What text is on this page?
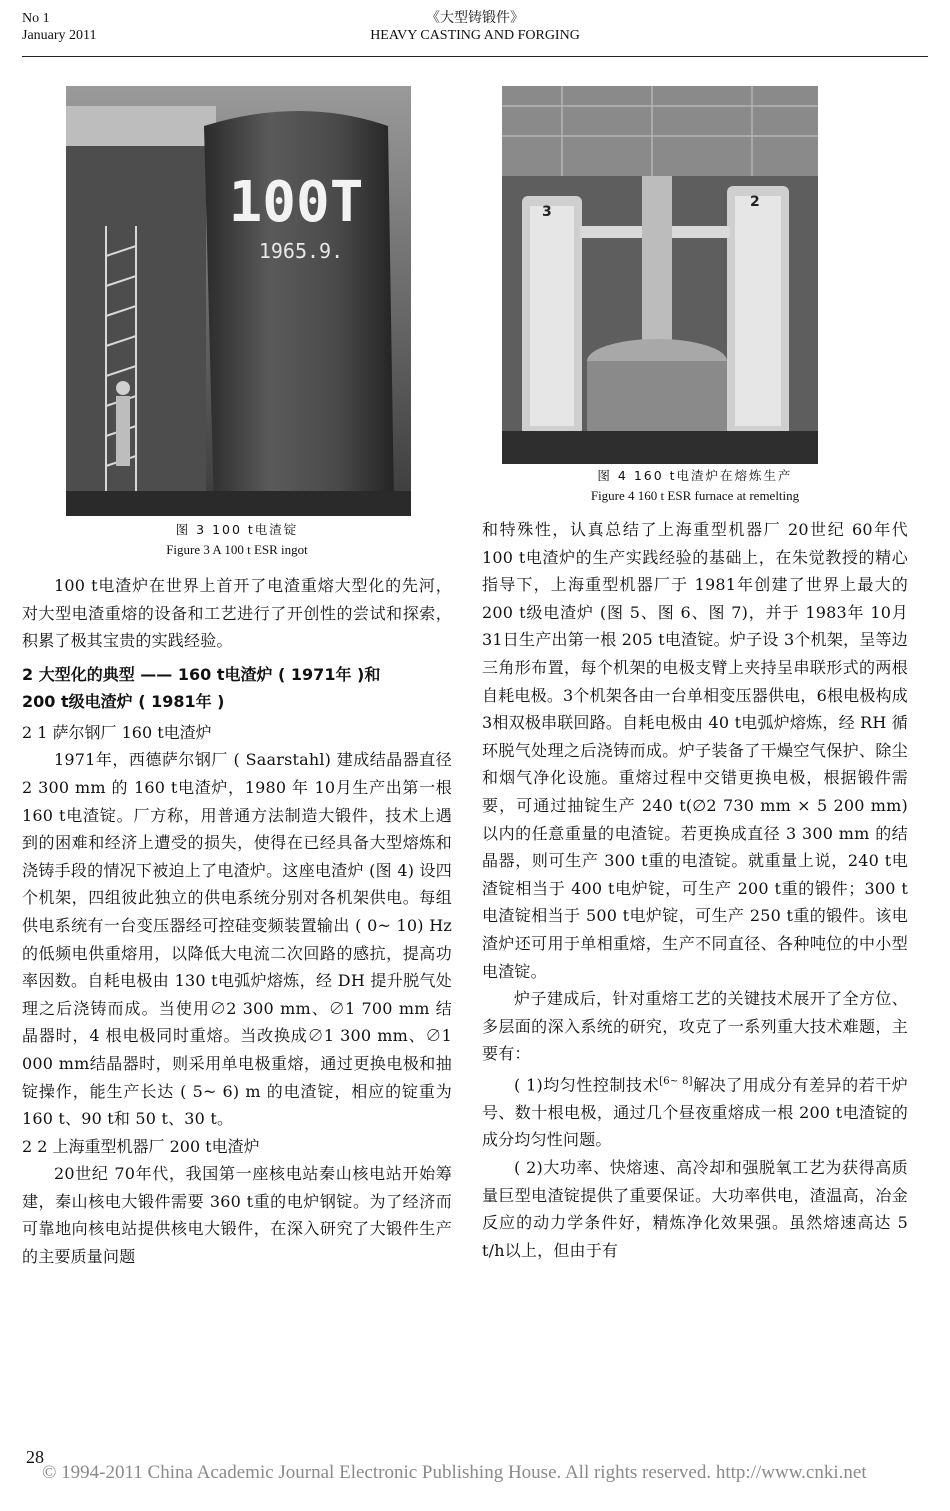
No 1
January 2011
《大型铸锻件》
HEAVY CASTING AND FORGING
100T
1965.9.
图 3 100 t电渣锭
Figure 3 A 100 t ESR ingot

100 t电渣炉在世界上首开了电渣重熔大型化的先河，对大型电渣重熔的设备和工艺进行了开创性的尝试和探索，积累了极其宝贵的实践经验。

2 大型化的典型 —— 160 t电渣炉 ( 1971年 )和
200 t级电渣炉 ( 1981年 )
2 1 萨尔钢厂 160 t电渣炉

1971年，西德萨尔钢厂 ( Saarstahl) 建成结晶器直径 2 300 mm 的 160 t电渣炉，1980 年 10月生产出第一根 160 t电渣锭。厂方称，用普通方法制造大锻件，技术上遇到的困难和经济上遭受的损失，使得在已经具备大型熔炼和浇铸手段的情况下被迫上了电渣炉。这座电渣炉 (图 4) 设四个机架，四组彼此独立的供电系统分别对各机架供电。每组供电系统有一台变压器经可控硅变频装置输出 ( 0~ 10) Hz的低频电供重熔用，以降低大电流二次回路的感抗，提高功率因数。自耗电极由 130 t电弧炉熔炼，经 DH 提升脱气处理之后浇铸而成。当使用∅2 300 mm、∅1 700 mm 结晶器时，4 根电极同时重熔。当改换成∅1 300 mm、∅1 000 mm结晶器时，则采用单电极重熔，通过更换电极和抽锭操作，能生产长达 ( 5~ 6) m 的电渣锭，相应的锭重为 160 t、90 t和 50 t、30 t。

2 2 上海重型机器厂 200 t电渣炉

20世纪 70年代，我国第一座核电站秦山核电站开始筹建，秦山核电大锻件需要 360 t重的电炉钢锭。为了经济而可靠地向核电站提供核电大锻件，在深入研究了大锻件生产的主要质量问题

3
2
图 4 160 t电渣炉在熔炼生产
Figure 4 160 t ESR furnace at remelting

和特殊性，认真总结了上海重型机器厂 20世纪 60年代 100 t电渣炉的生产实践经验的基础上，在朱觉教授的精心指导下，上海重型机器厂于 1981年创建了世界上最大的 200 t级电渣炉 (图 5、图 6、图 7)，并于 1983年 10月 31日生产出第一根 205 t电渣锭。炉子设 3个机架，呈等边三角形布置，每个机架的电极支臂上夹持呈串联形式的两根自耗电极。3个机架各由一台单相变压器供电，6根电极构成 3相双极串联回路。自耗电极由 40 t电弧炉熔炼，经 RH 循环脱气处理之后浇铸而成。炉子装备了干燥空气保护、除尘和烟气净化设施。重熔过程中交错更换电极，根据锻件需要，可通过抽锭生产 240 t(∅2 730 mm × 5 200 mm)以内的任意重量的电渣锭。若更换成直径 3 300 mm 的结晶器，则可生产 300 t重的电渣锭。就重量上说，240 t电渣锭相当于 400 t电炉锭，可生产 200 t重的锻件；300 t电渣锭相当于 500 t电炉锭，可生产 250 t重的锻件。该电渣炉还可用于单相重熔，生产不同直径、各种吨位的中小型电渣锭。

炉子建成后，针对重熔工艺的关键技术展开了全方位、多层面的深入系统的研究，攻克了一系列重大技术难题，主要有：

( 1)均匀性控制技术[6~ 8]解决了用成分有差异的若干炉号、数十根电极，通过几个昼夜重熔成一根 200 t电渣锭的成分均匀性问题。

( 2)大功率、快熔速、高冷却和强脱氧工艺为获得高质量巨型电渣锭提供了重要保证。大功率供电，渣温高，冶金反应的动力学条件好，精炼净化效果强。虽然熔速高达 5 t/h以上，但由于有

28
© 1994-2011 China Academic Journal Electronic Publishing House. All rights reserved. http://www.cnki.net
